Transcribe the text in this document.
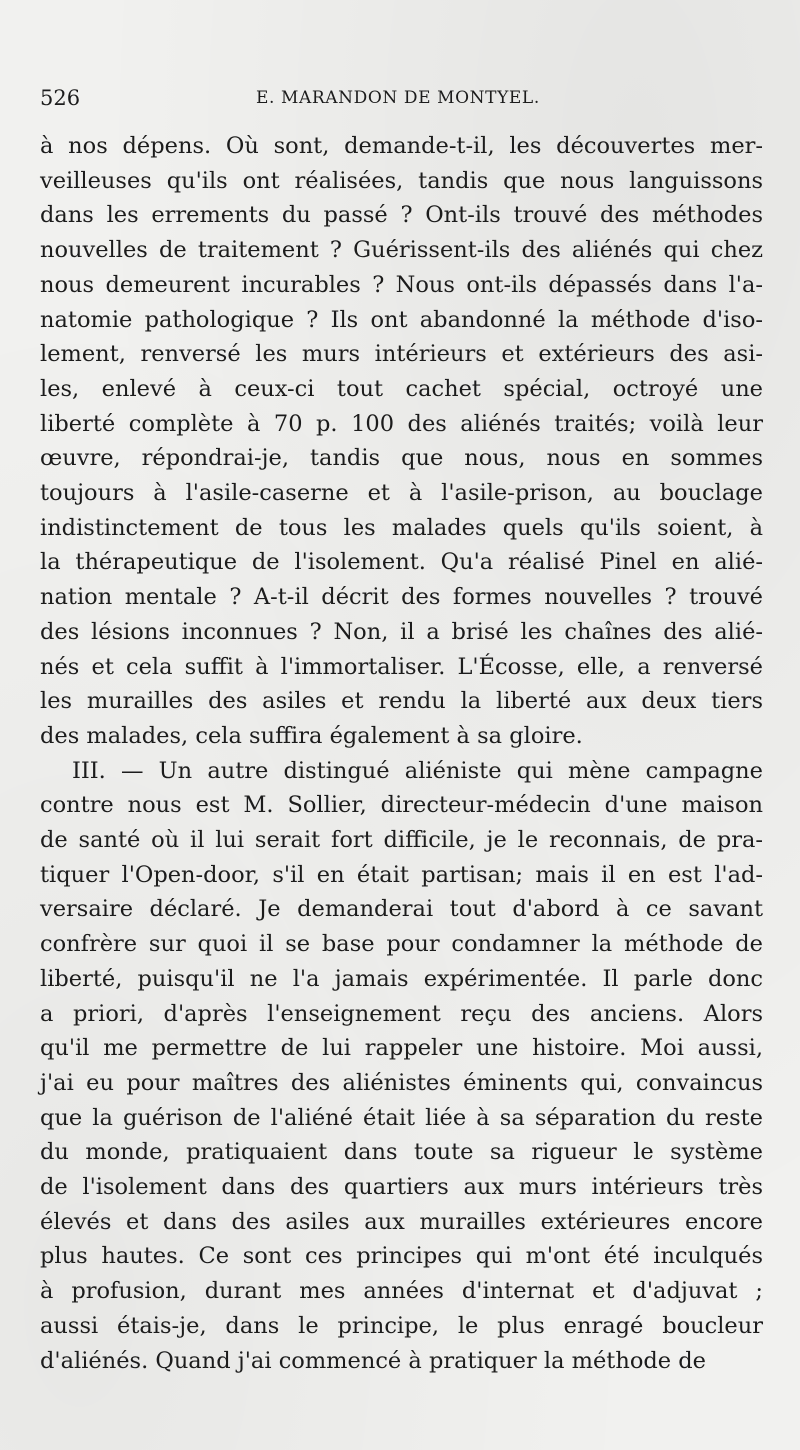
526	E. MARANDON DE MONTYEL.
à nos dépens. Où sont, demande-t-il, les découvertes mer-
veilleuses qu'ils ont réalisées, tandis que nous languissons
dans les errements du passé ? Ont-ils trouvé des méthodes
nouvelles de traitement ? Guérissent-ils des aliénés qui chez
nous demeurent incurables ? Nous ont-ils dépassés dans l'a-
natomie pathologique ? Ils ont abandonné la méthode d'iso-
lement, renversé les murs intérieurs et extérieurs des asi-
les, enlevé à ceux-ci tout cachet spécial, octroyé une
liberté complète à 70 p. 100 des aliénés traités; voilà leur
œuvre, répondrai-je, tandis que nous, nous en sommes
toujours à l'asile-caserne et à l'asile-prison, au bouclage
indistinctement de tous les malades quels qu'ils soient, à
la thérapeutique de l'isolement. Qu'a réalisé Pinel en alié-
nation mentale ? A-t-il décrit des formes nouvelles ? trouvé
des lésions inconnues ? Non, il a brisé les chaînes des alié-
nés et cela suffit à l'immortaliser. L'Écosse, elle, a renversé
les murailles des asiles et rendu la liberté aux deux tiers
des malades, cela suffira également à sa gloire.
III. — Un autre distingué aliéniste qui mène campagne
contre nous est M. Sollier, directeur-médecin d'une maison
de santé où il lui serait fort difficile, je le reconnais, de pra-
tiquer l'Open-door, s'il en était partisan; mais il en est l'ad-
versaire déclaré. Je demanderai tout d'abord à ce savant
confrère sur quoi il se base pour condamner la méthode de
liberté, puisqu'il ne l'a jamais expérimentée. Il parle donc
a priori, d'après l'enseignement reçu des anciens. Alors
qu'il me permettre de lui rappeler une histoire. Moi aussi,
j'ai eu pour maîtres des aliénistes éminents qui, convaincus
que la guérison de l'aliéné était liée à sa séparation du reste
du monde, pratiquaient dans toute sa rigueur le système
de l'isolement dans des quartiers aux murs intérieurs très
élevés et dans des asiles aux murailles extérieures encore
plus hautes. Ce sont ces principes qui m'ont été inculqués
à profusion, durant mes années d'internat et d'adjuvat ;
aussi étais-je, dans le principe, le plus enragé boucleur
d'aliénés. Quand j'ai commencé à pratiquer la méthode de
